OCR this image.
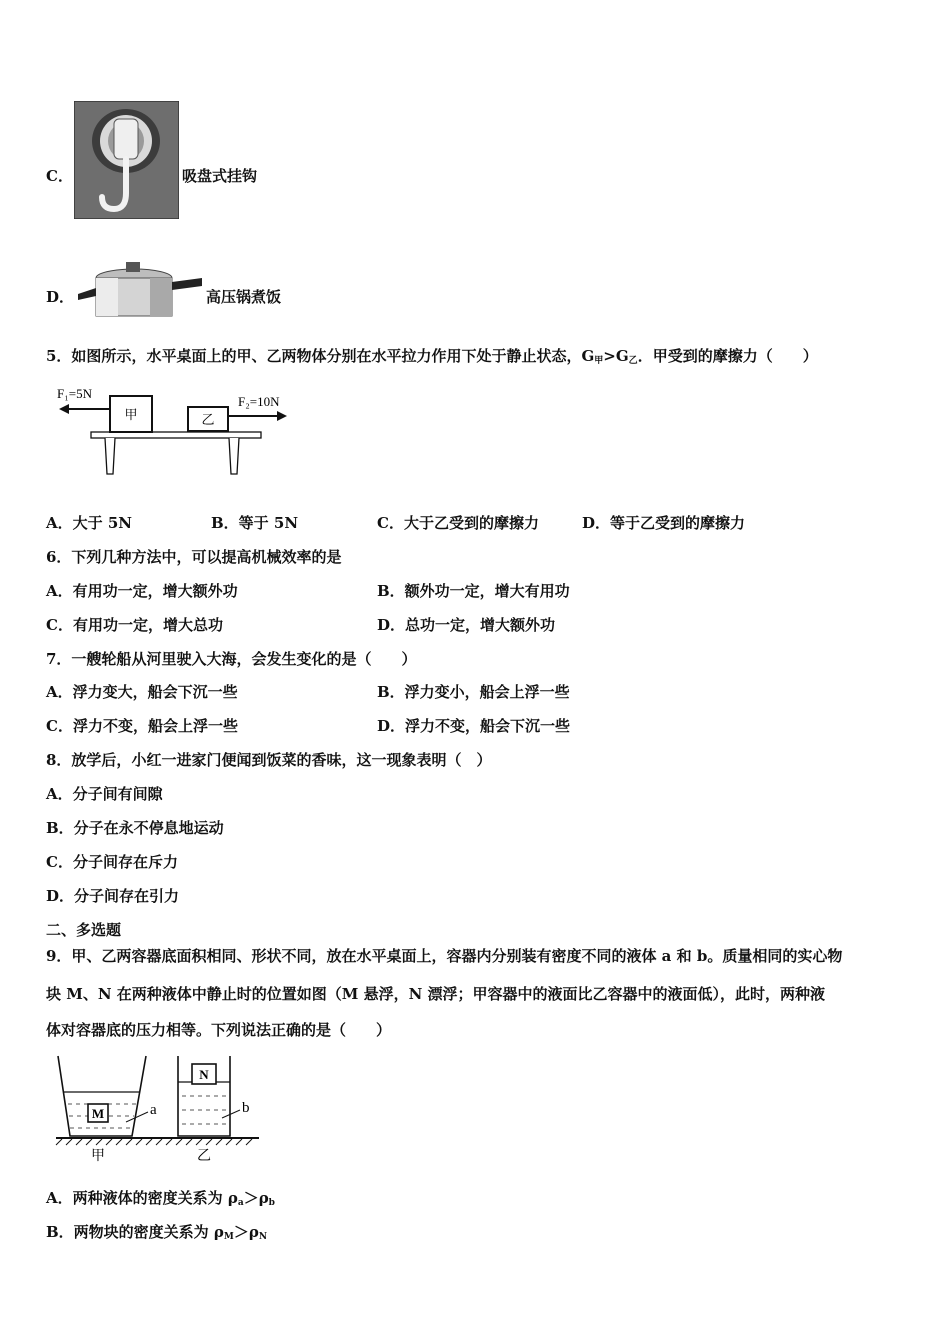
C．	吸盘式挂钩
D．	高压锅煮饭
5．如图所示，水平桌面上的甲、乙两物体分别在水平拉力作用下处于静止状态，$G_甲>G_乙$．甲受到的摩擦力（　　）
甲	乙
F₁=5N
F₂=10N
A．大于 5N	B．等于 5N	C．大于乙受到的摩擦力	D．等于乙受到的摩擦力
6．下列几种方法中，可以提高机械效率的是
A．有用功一定，增大额外功	B．额外功一定，增大有用功
C．有用功一定，增大总功	D．总功一定，增大额外功
7．一艘轮船从河里驶入大海，会发生变化的是（　　）
A．浮力变大，船会下沉一些	B．浮力变小，船会上浮一些
C．浮力不变，船会上浮一些	D．浮力不变，船会下沉一些
8．放学后，小红一进家门便闻到饭菜的香味，这一现象表明（　）
A．分子间有间隙
B．分子在永不停息地运动
C．分子间存在斥力
D．分子间存在引力
二、多选题
9．甲、乙两容器底面积相同、形状不同，放在水平桌面上，容器内分别装有密度不同的液体 a 和 b。质量相同的实心物
块 M、N 在两种液体中静止时的位置如图（M 悬浮，N 漂浮；甲容器中的液面比乙容器中的液面低），此时，两种液
体对容器底的压力相等。下列说法正确的是（　　）
M	a
N
b
甲	乙
A．两种液体的密度关系为 $\rho_a>\rho_b$
B．两物块的密度关系为 $\rho_M>\rho_N$
